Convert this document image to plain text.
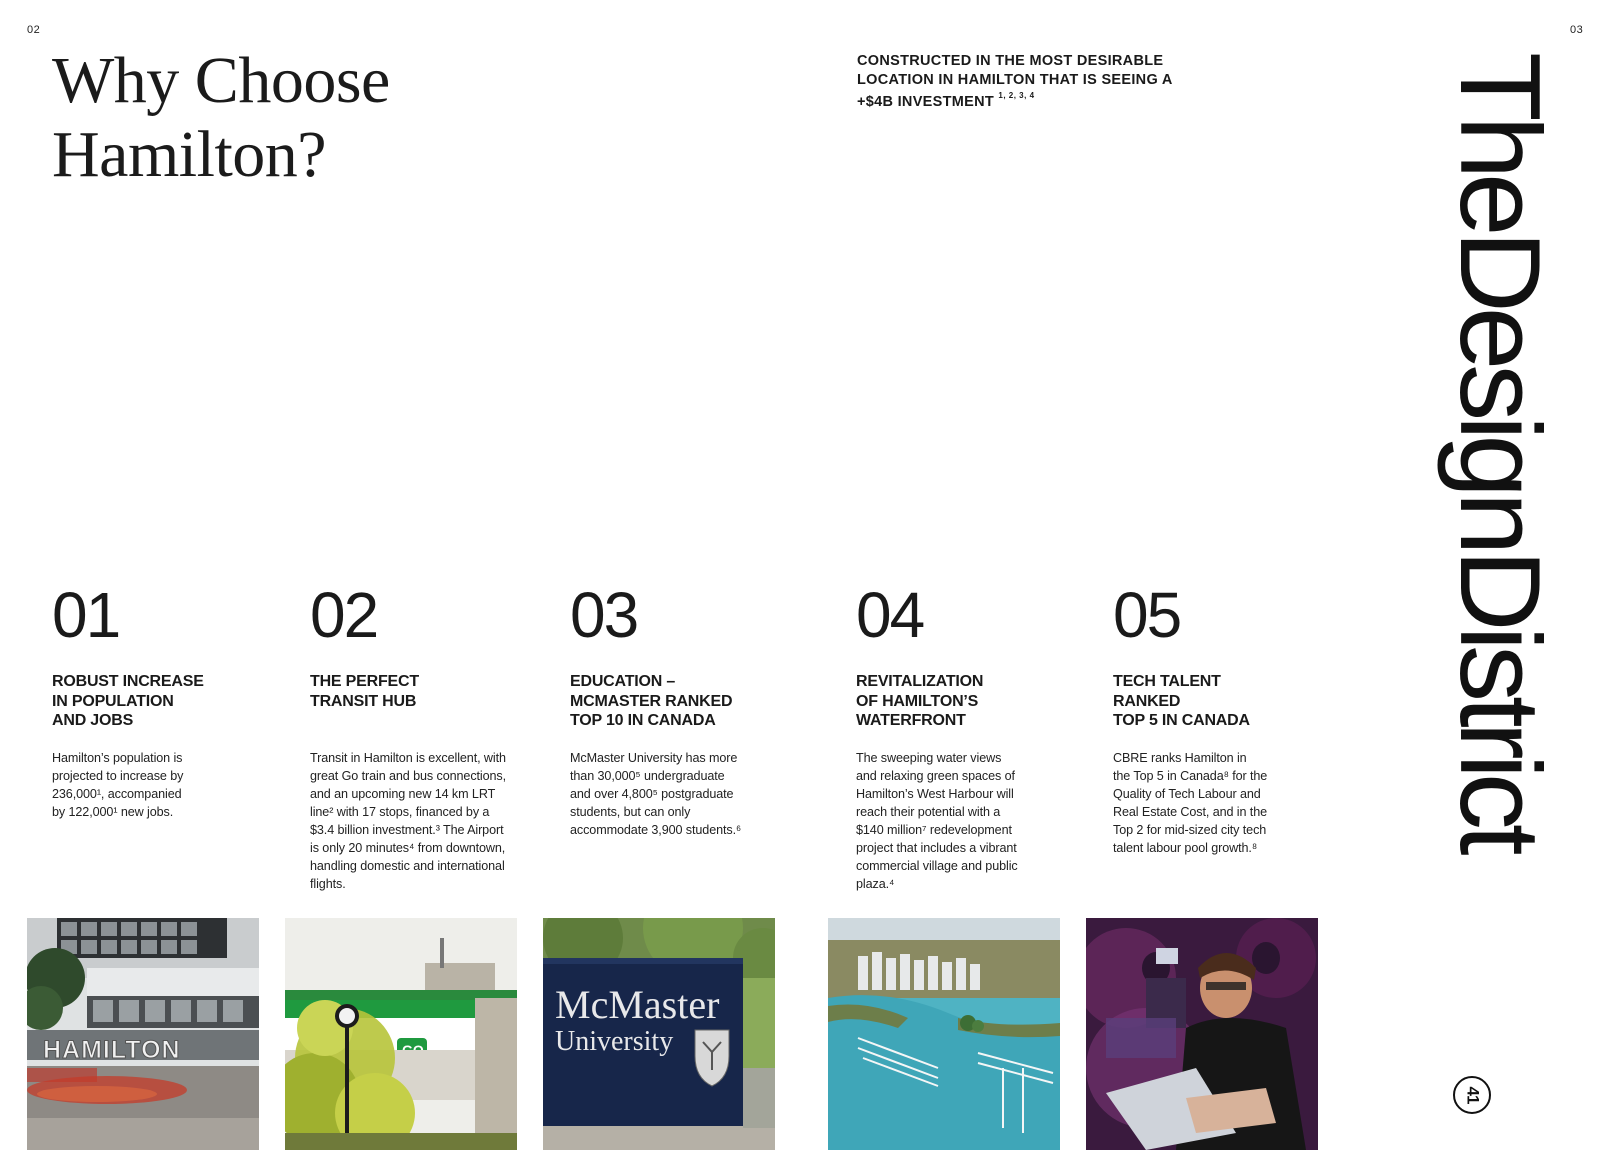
02	03
Why Choose
Hamilton?
CONSTRUCTED IN THE MOST DESIRABLE
LOCATION IN HAMILTON THAT IS SEEING A
+$4B INVESTMENT $^{1, 2, 3, 4}$	TheDesignDistrict
41
01
ROBUST INCREASE
IN POPULATION
AND JOBS
Hamilton’s population is
projected to increase by
236,000¹, accompanied
by 122,000¹ new jobs.
02
THE PERFECT
TRANSIT HUB
Transit in Hamilton is excellent, with
great Go train and bus connections,
and an upcoming new 14 km LRT
line² with 17 stops, financed by a
$3.4 billion investment.³ The Airport
is only 20 minutes⁴ from downtown,
handling domestic and international
flights.
03
EDUCATION –
MCMASTER RANKED
TOP 10 IN CANADA
McMaster University has more
than 30,000⁵ undergraduate
and over 4,800⁵ postgraduate
students, but can only
accommodate 3,900 students.⁶
04
REVITALIZATION
OF HAMILTON’S
WATERFRONT
The sweeping water views
and relaxing green spaces of
Hamilton’s West Harbour will
reach their potential with a
$140 million⁷ redevelopment
project that includes a vibrant
commercial village and public
plaza.⁴
05
TECH TALENT
RANKED
TOP 5 IN CANADA
CBRE ranks Hamilton in
the Top 5 in Canada⁸ for the
Quality of Tech Labour and
Real Estate Cost, and in the
Top 2 for mid-sized city tech
talent labour pool growth.⁸
HAMILTON
McMaster
University
